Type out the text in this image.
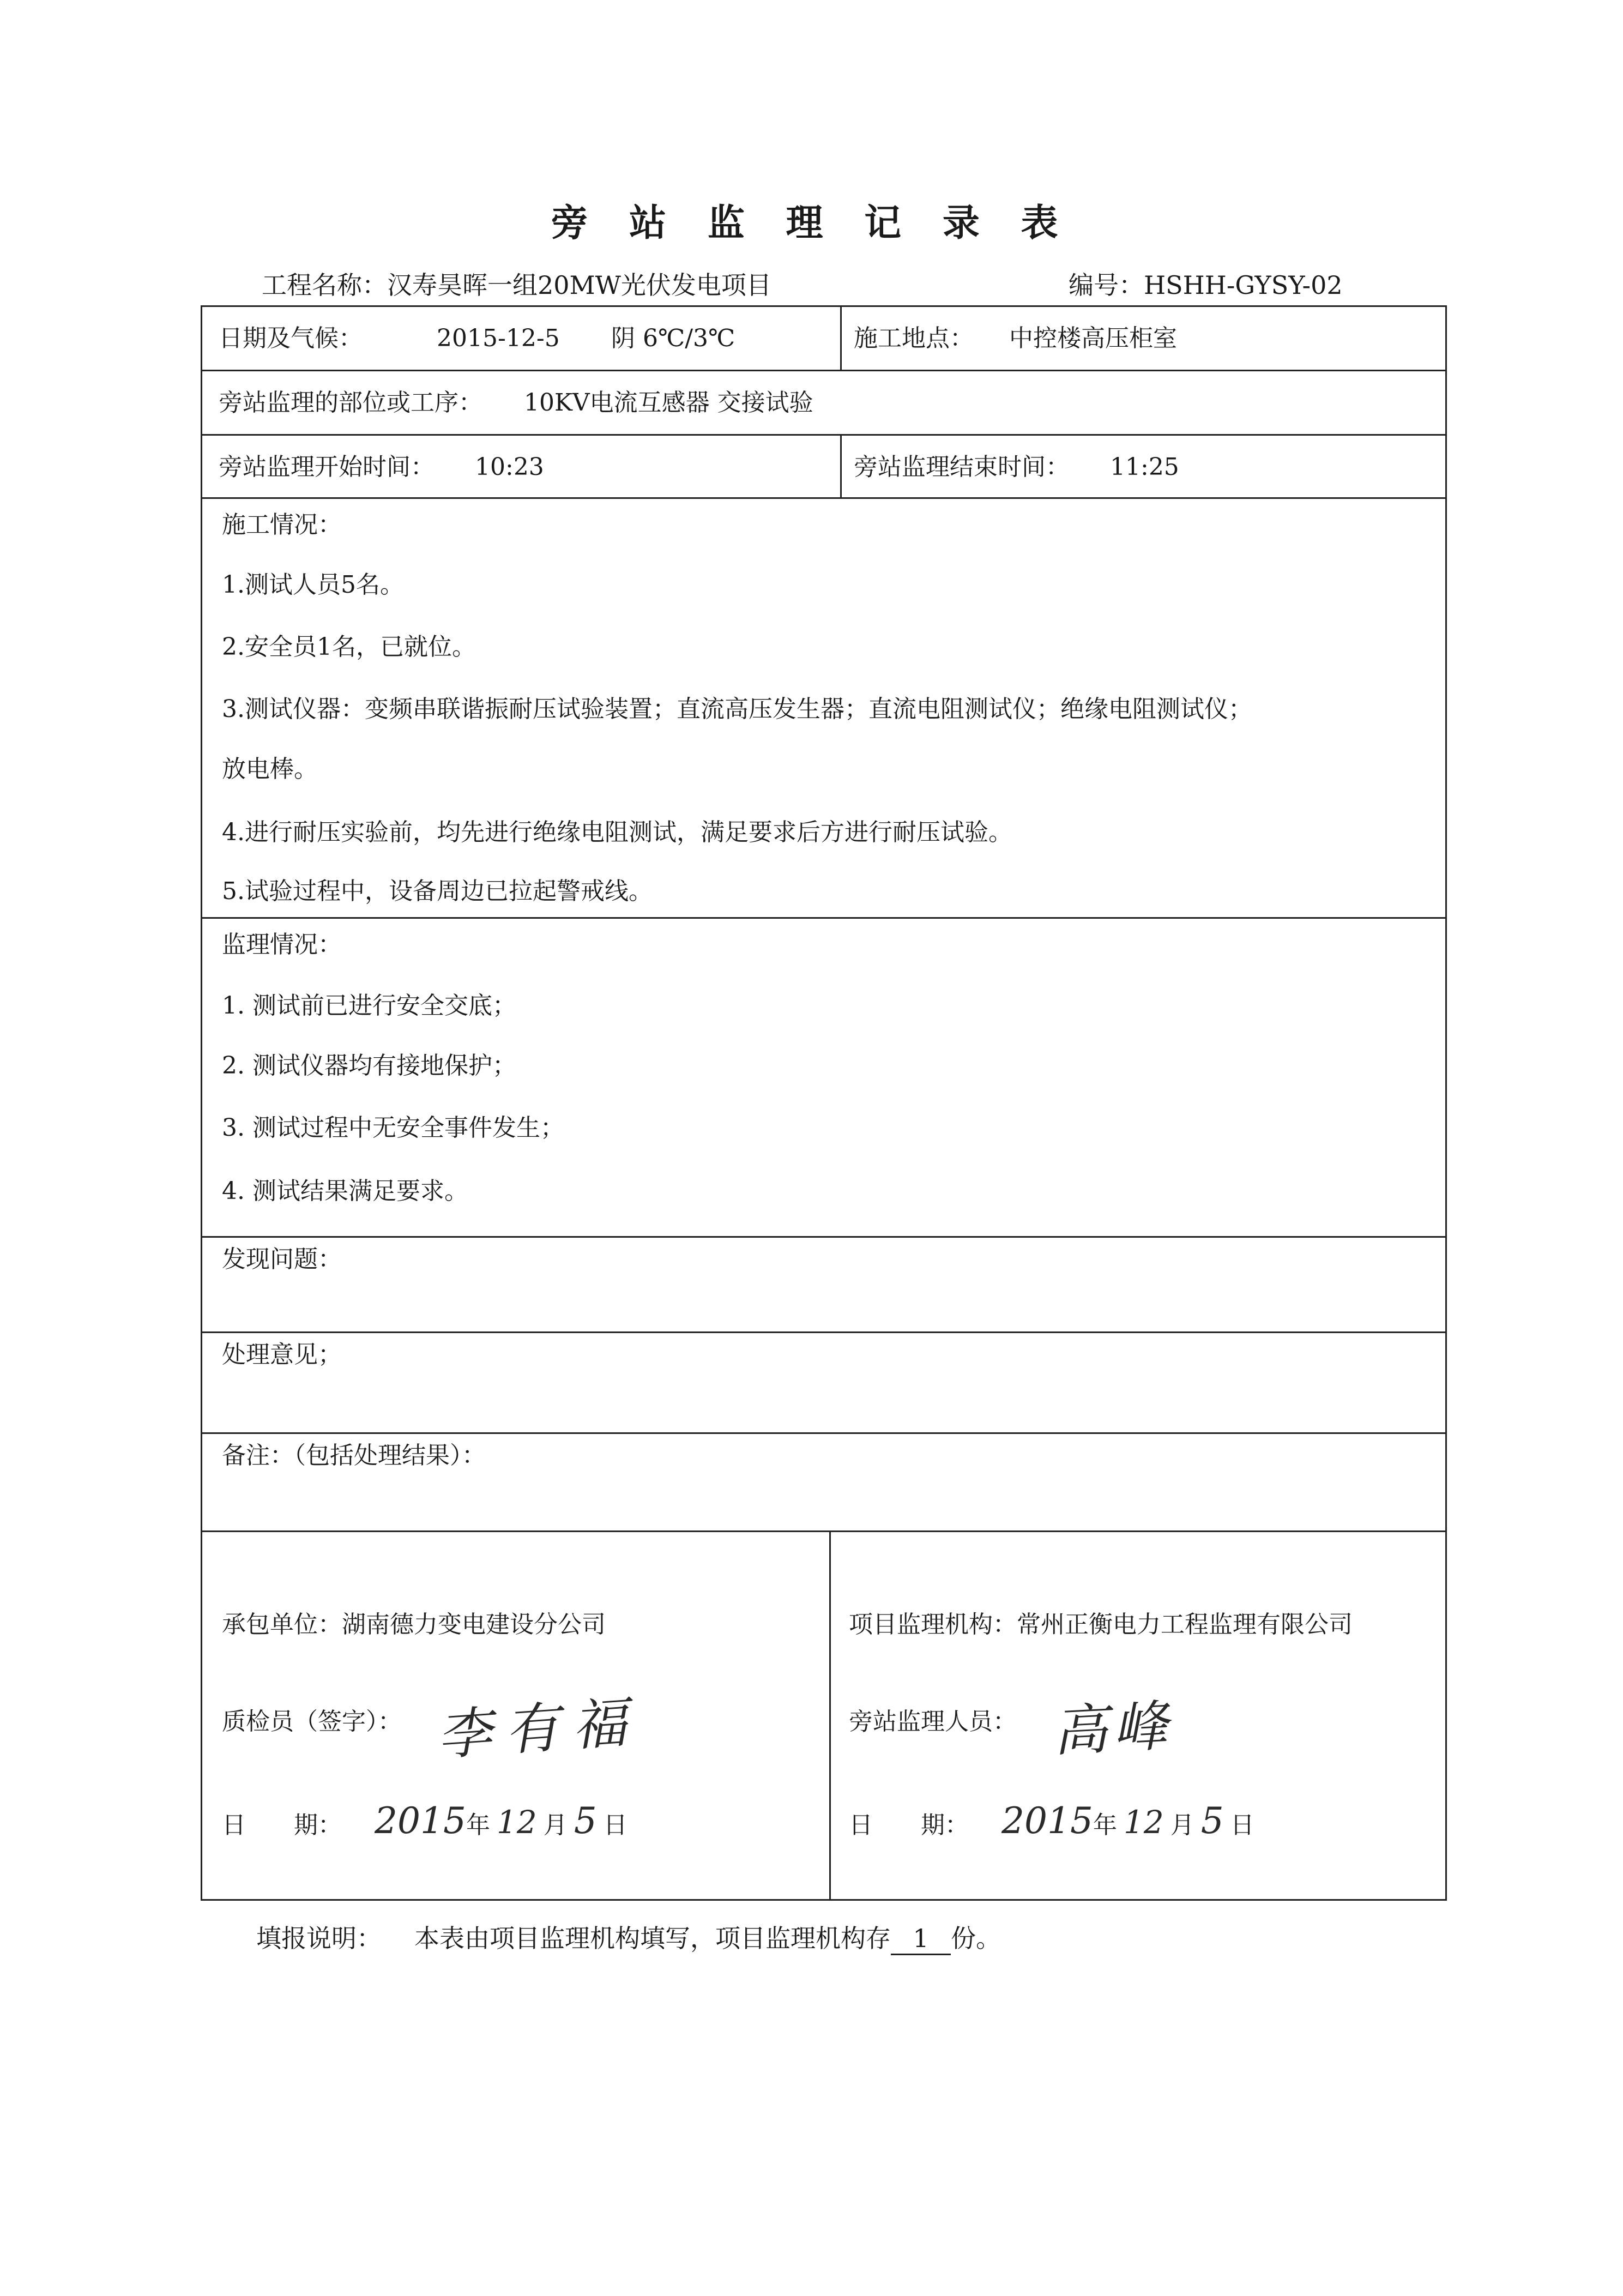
旁 站 监 理 记 录 表
工程名称：汉寿昊晖一组20MW光伏发电项目	编号：HSHH-GYSY-02
日期及气候：	2015-12-5 阴 6℃/3℃	施工地点： 中控楼高压柜室
旁站监理的部位或工序： 10KV电流互感器 交接试验
旁站监理开始时间： 10:23	旁站监理结束时间： 11:25
施工情况：
1.测试人员5名。
2.安全员1名，已就位。
3.测试仪器：变频串联谐振耐压试验装置；直流高压发生器；直流电阻测试仪；绝缘电阻测试仪；
放电棒。
4.进行耐压实验前，均先进行绝缘电阻测试，满足要求后方进行耐压试验。
5.试验过程中，设备周边已拉起警戒线。
监理情况：
1. 测试前已进行安全交底；
2. 测试仪器均有接地保护；
3. 测试过程中无安全事件发生；
4. 测试结果满足要求。
发现问题：
处理意见；
备注：（包括处理结果）：
承包单位：湖南德力变电建设分公司
质检员（签字）： 李有福
日　　期： 2015年 12 月 5 日
项目监理机构：常州正衡电力工程监理有限公司
旁站监理人员： 高峰
日　　期： 2015年 12 月 5 日
填报说明： 本表由项目监理机构填写，项目监理机构存 1 份。
